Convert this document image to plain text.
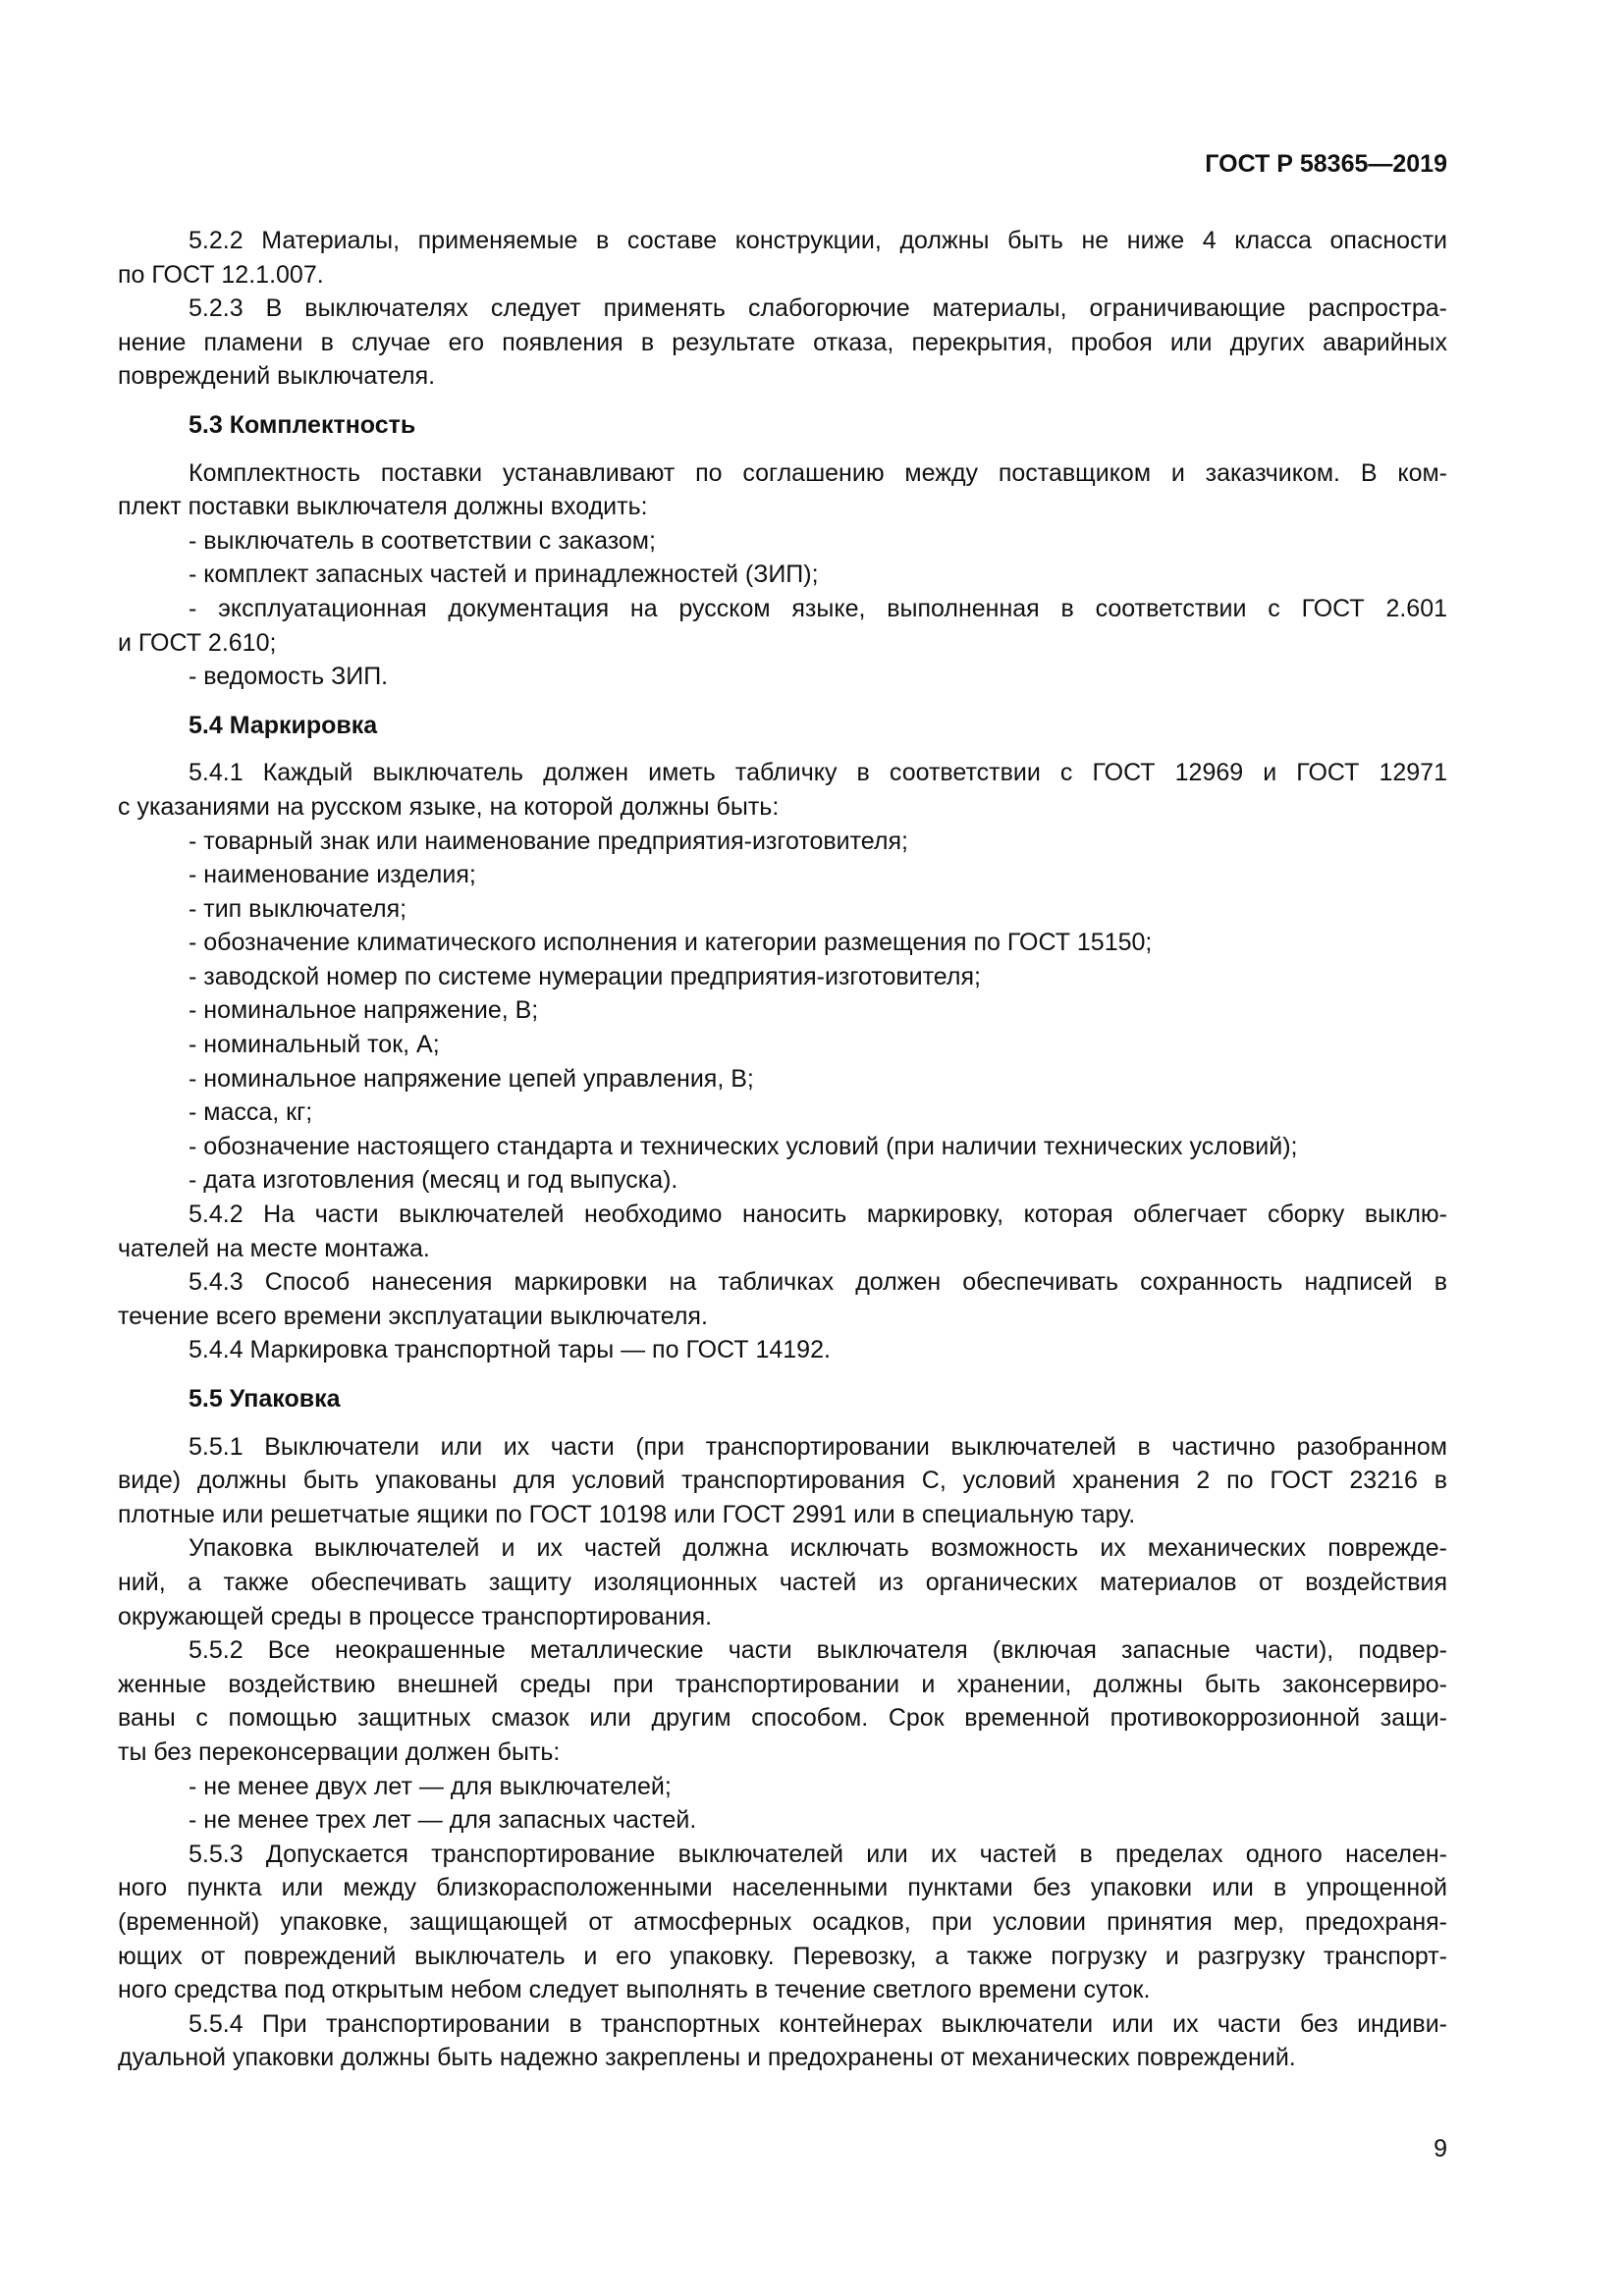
ГОСТ Р 58365—2019

5.2.2 Материалы, применяемые в составе конструкции, должны быть не ниже 4 класса опасности

по ГОСТ 12.1.007.

5.2.3 В выключателях следует применять слабогорючие материалы, ограничивающие распростра-

нение пламени в случае его появления в результате отказа, перекрытия, пробоя или других аварийных

повреждений выключателя.

5.3 Комплектность

Комплектность поставки устанавливают по соглашению между поставщиком и заказчиком. В ком-

плект поставки выключателя должны входить:

- выключатель в соответствии с заказом;

- комплект запасных частей и принадлежностей (ЗИП);

- эксплуатационная документация на русском языке, выполненная в соответствии с ГОСТ 2.601

и ГОСТ 2.610;

- ведомость ЗИП.

5.4 Маркировка

5.4.1 Каждый выключатель должен иметь табличку в соответствии с ГОСТ 12969 и ГОСТ 12971

с указаниями на русском языке, на которой должны быть:

- товарный знак или наименование предприятия-изготовителя;

- наименование изделия;

- тип выключателя;

- обозначение климатического исполнения и категории размещения по ГОСТ 15150;

- заводской номер по системе нумерации предприятия-изготовителя;

- номинальное напряжение, В;

- номинальный ток, А;

- номинальное напряжение цепей управления, В;

- масса, кг;

- обозначение настоящего стандарта и технических условий (при наличии технических условий);

- дата изготовления (месяц и год выпуска).

5.4.2 На части выключателей необходимо наносить маркировку, которая облегчает сборку выклю-

чателей на месте монтажа.

5.4.3 Способ нанесения маркировки на табличках должен обеспечивать сохранность надписей в

течение всего времени эксплуатации выключателя.

5.4.4 Маркировка транспортной тары — по ГОСТ 14192.

5.5 Упаковка

5.5.1 Выключатели или их части (при транспортировании выключателей в частично разобранном

виде) должны быть упакованы для условий транспортирования С, условий хранения 2 по ГОСТ 23216 в

плотные или решетчатые ящики по ГОСТ 10198 или ГОСТ 2991 или в специальную тару.

Упаковка выключателей и их частей должна исключать возможность их механических поврежде-

ний, а также обеспечивать защиту изоляционных частей из органических материалов от воздействия

окружающей среды в процессе транспортирования.

5.5.2 Все неокрашенные металлические части выключателя (включая запасные части), подвер-

женные воздействию внешней среды при транспортировании и хранении, должны быть законсервиро-

ваны с помощью защитных смазок или другим способом. Срок временной противокоррозионной защи-

ты без переконсервации должен быть:

- не менее двух лет — для выключателей;

- не менее трех лет — для запасных частей.

5.5.3 Допускается транспортирование выключателей или их частей в пределах одного населен-

ного пункта или между близкорасположенными населенными пунктами без упаковки или в упрощенной

(временной) упаковке, защищающей от атмосферных осадков, при условии принятия мер, предохраня-

ющих от повреждений выключатель и его упаковку. Перевозку, а также погрузку и разгрузку транспорт-

ного средства под открытым небом следует выполнять в течение светлого времени суток.

5.5.4 При транспортировании в транспортных контейнерах выключатели или их части без индиви-

дуальной упаковки должны быть надежно закреплены и предохранены от механических повреждений.

9
